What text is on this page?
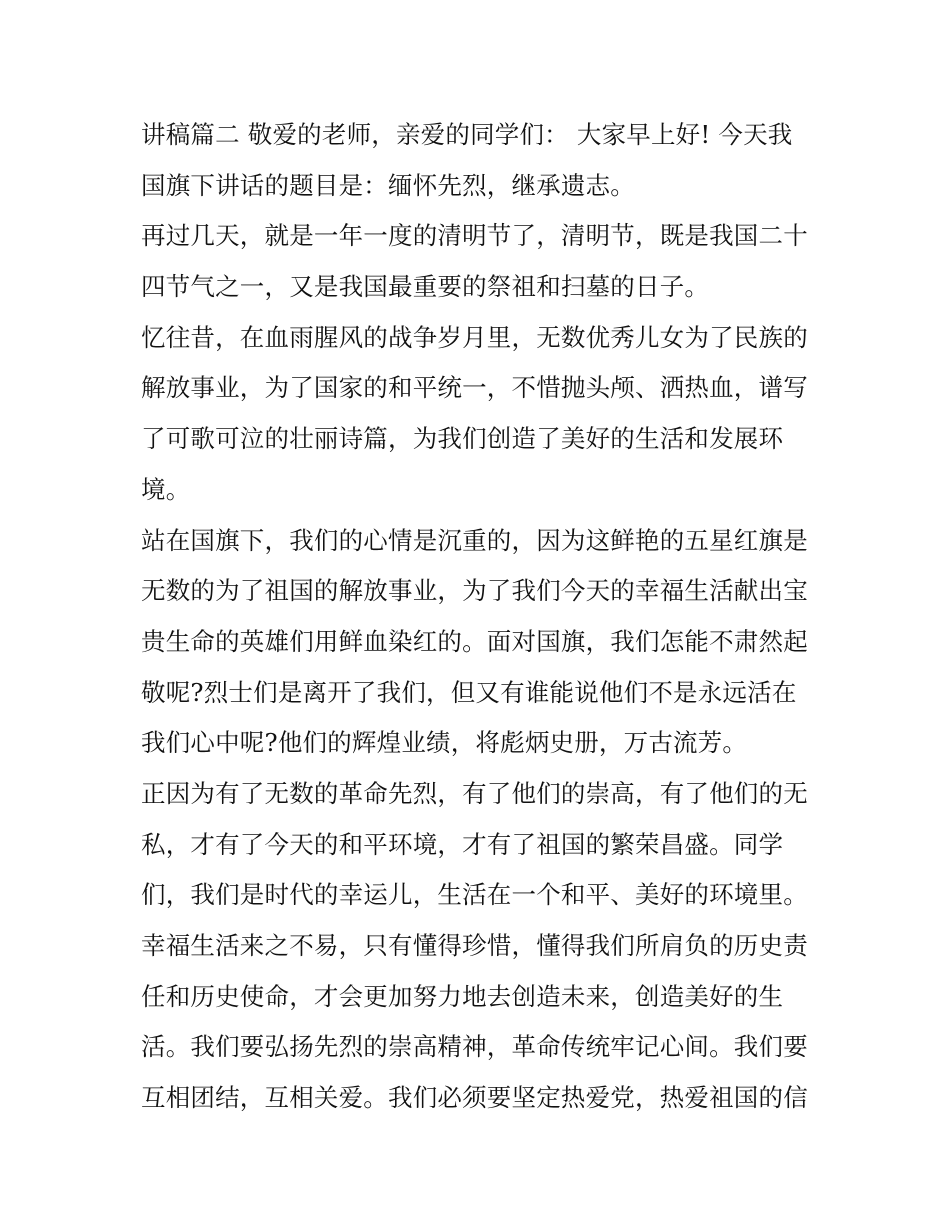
讲稿篇二 敬爱的老师，亲爱的同学们： 大家早上好! 今天我
国旗下讲话的题目是：缅怀先烈，继承遗志。
再过几天，就是一年一度的清明节了，清明节，既是我国二十
四节气之一，又是我国最重要的祭祖和扫墓的日子。
忆往昔，在血雨腥风的战争岁月里，无数优秀儿女为了民族的
解放事业，为了国家的和平统一，不惜抛头颅、洒热血，谱写
了可歌可泣的壮丽诗篇，为我们创造了美好的生活和发展环
境。
站在国旗下，我们的心情是沉重的，因为这鲜艳的五星红旗是
无数的为了祖国的解放事业，为了我们今天的幸福生活献出宝
贵生命的英雄们用鲜血染红的。面对国旗，我们怎能不肃然起
敬呢?烈士们是离开了我们，但又有谁能说他们不是永远活在
我们心中呢?他们的辉煌业绩，将彪炳史册，万古流芳。
正因为有了无数的革命先烈，有了他们的崇高，有了他们的无
私，才有了今天的和平环境，才有了祖国的繁荣昌盛。同学
们，我们是时代的幸运儿，生活在一个和平、美好的环境里。
幸福生活来之不易，只有懂得珍惜，懂得我们所肩负的历史责
任和历史使命，才会更加努力地去创造未来，创造美好的生
活。我们要弘扬先烈的崇高精神，革命传统牢记心间。我们要
互相团结，互相关爱。我们必须要坚定热爱党，热爱祖国的信
